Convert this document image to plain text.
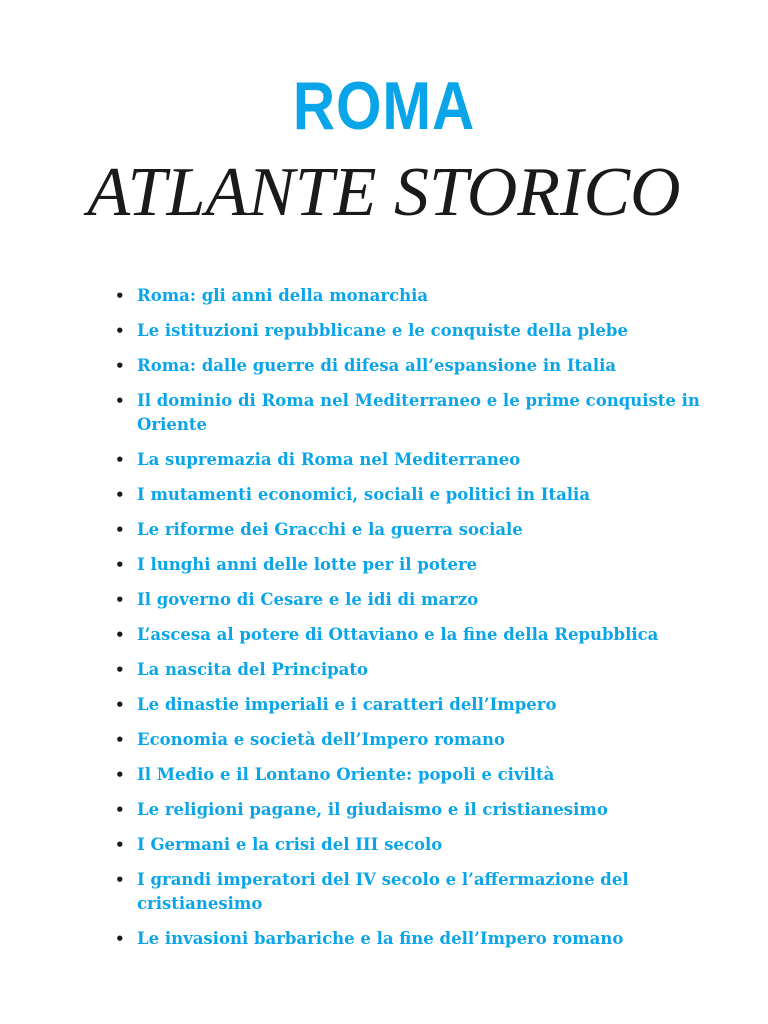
ROMA
ATLANTE STORICO
• Roma: gli anni della monarchia
• Le istituzioni repubblicane e le conquiste della plebe
• Roma: dalle guerre di difesa all’espansione in Italia
• Il dominio di Roma nel Mediterraneo e le prime conquiste in Oriente
• La supremazia di Roma nel Mediterraneo
• I mutamenti economici, sociali e politici in Italia
• Le riforme dei Gracchi e la guerra sociale
• I lunghi anni delle lotte per il potere
• Il governo di Cesare e le idi di marzo
• L’ascesa al potere di Ottaviano e la fine della Repubblica
• La nascita del Principato
• Le dinastie imperiali e i caratteri dell’Impero
• Economia e società dell’Impero romano
• Il Medio e il Lontano Oriente: popoli e civiltà
• Le religioni pagane, il giudaismo e il cristianesimo
• I Germani e la crisi del III secolo
• I grandi imperatori del IV secolo e l’affermazione del cristianesimo
• Le invasioni barbariche e la fine dell’Impero romano
